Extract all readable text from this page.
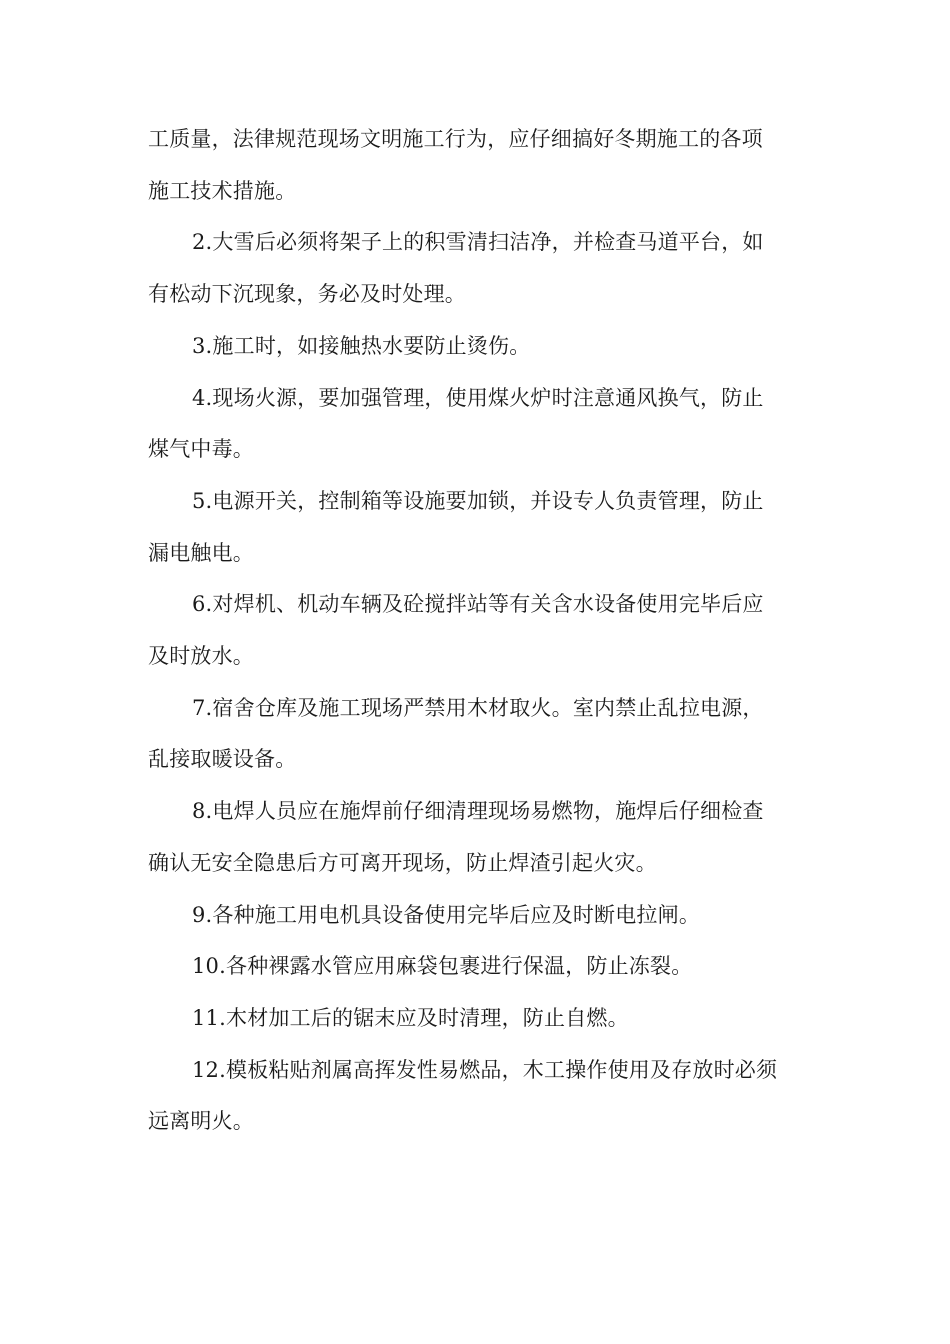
工质量，法律规范现场文明施工行为，应仔细搞好冬期施工的各项
施工技术措施。

2.大雪后必须将架子上的积雪清扫洁净，并检查马道平台，如
有松动下沉现象，务必及时处理。

3.施工时，如接触热水要防止烫伤。

4.现场火源，要加强管理，使用煤火炉时注意通风换气，防止
煤气中毒。

5.电源开关，控制箱等设施要加锁，并设专人负责管理，防止
漏电触电。

6.对焊机、机动车辆及砼搅拌站等有关含水设备使用完毕后应
及时放水。

7.宿舍仓库及施工现场严禁用木材取火。室内禁止乱拉电源，
乱接取暖设备。

8.电焊人员应在施焊前仔细清理现场易燃物，施焊后仔细检查
确认无安全隐患后方可离开现场，防止焊渣引起火灾。

9.各种施工用电机具设备使用完毕后应及时断电拉闸。

10.各种裸露水管应用麻袋包裹进行保温，防止冻裂。

11.木材加工后的锯末应及时清理，防止自燃。

12.模板粘贴剂属高挥发性易燃品，木工操作使用及存放时必须
远离明火。
